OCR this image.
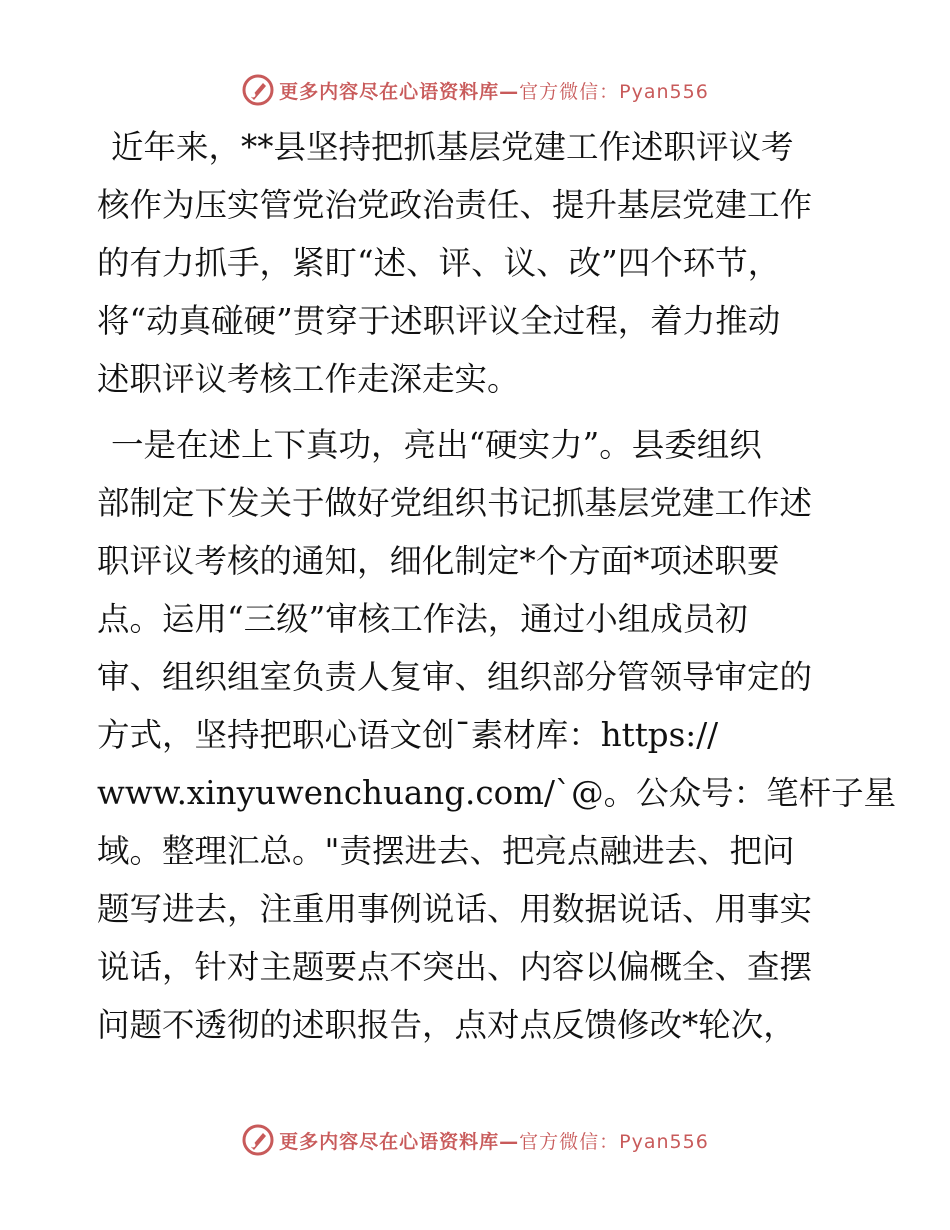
更多内容尽在心语资料库—官方微信：Pyan556

近年来，**县坚持把抓基层党建工作述职评议考
核作为压实管党治党政治责任、提升基层党建工作
的有力抓手，紧盯“述、评、议、改”四个环节，
将“动真碰硬”贯穿于述职评议全过程，着力推动
述职评议考核工作走深走实。

一是在述上下真功，亮出“硬实力”。县委组织
部制定下发关于做好党组织书记抓基层党建工作述
职评议考核的通知，细化制定*个方面*项述职要
点。运用“三级”审核工作法，通过小组成员初
审、组织组室负责人复审、组织部分管领导审定的
方式，坚持把职心语文创¯素材库：https://
www.xinyuwenchuang.com/ˋ@。公众号：笔杆子星
域。整理汇总。"责摆进去、把亮点融进去、把问
题写进去，注重用事例说话、用数据说话、用事实
说话，针对主题要点不突出、内容以偏概全、查摆
问题不透彻的述职报告，点对点反馈修改*轮次，

更多内容尽在心语资料库—官方微信：Pyan556
